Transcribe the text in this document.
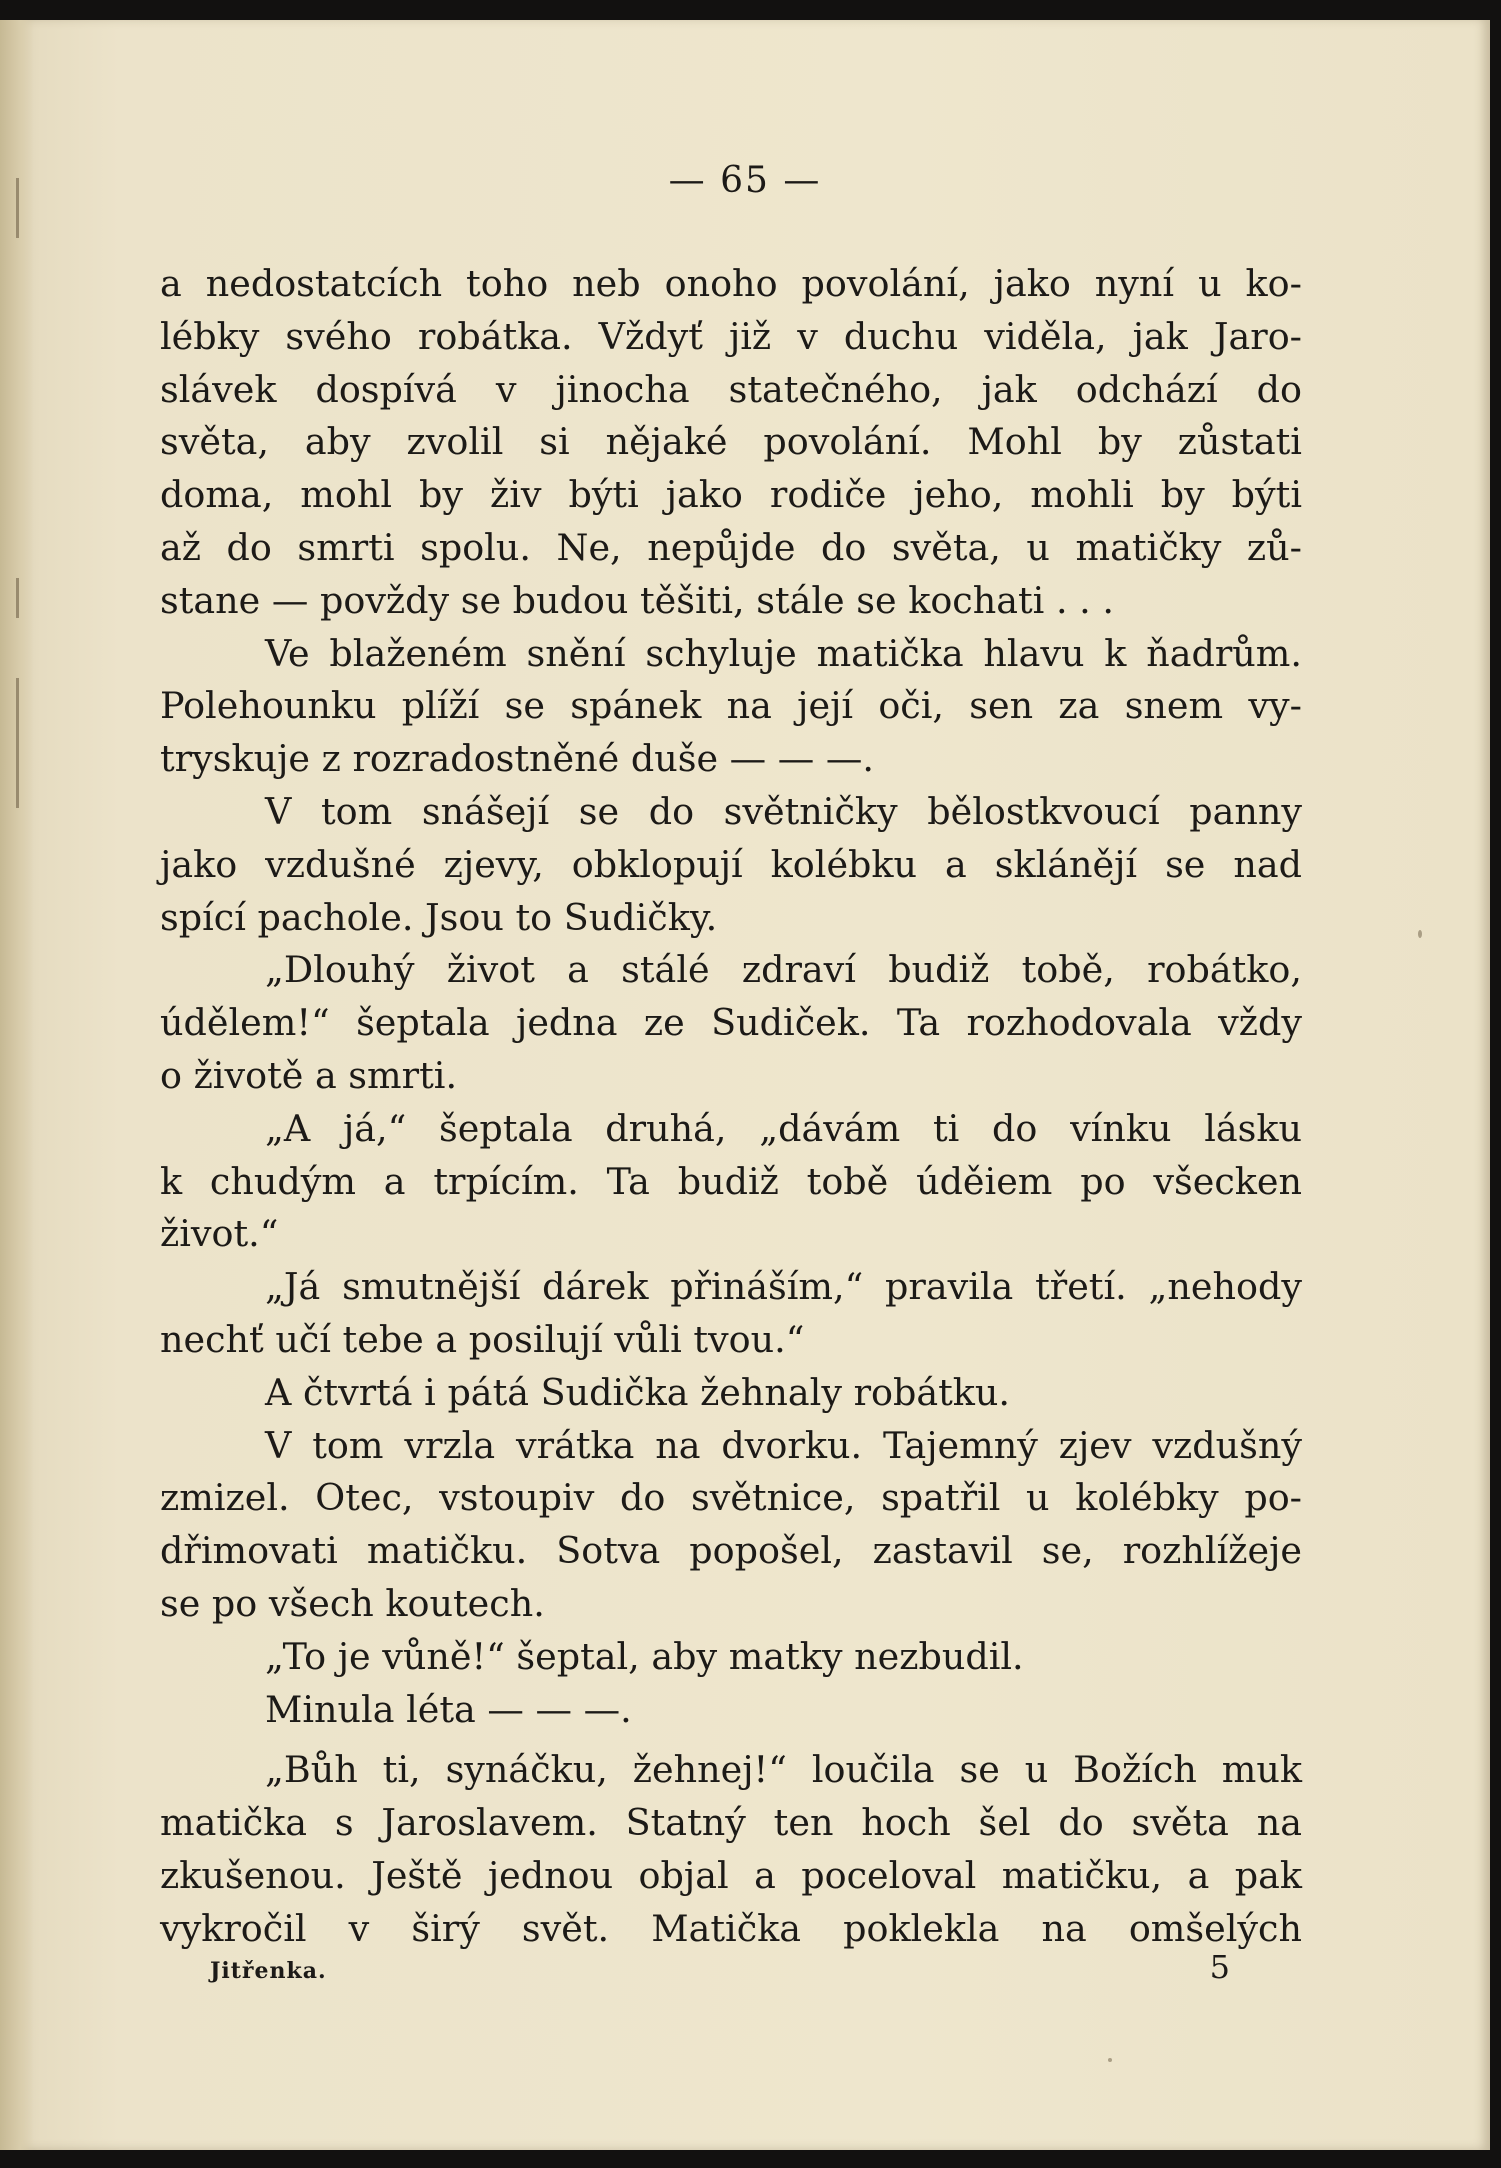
— 65 —
a nedostatcích toho neb onoho povolání, jako nyní u ko-
lébky svého robátka. Vždyť již v duchu viděla, jak Jaro-
slávek dospívá v jinocha statečného, jak odchází do
světa, aby zvolil si nějaké povolání. Mohl by zůstati
doma, mohl by živ býti jako rodiče jeho, mohli by býti
až do smrti spolu. Ne, nepůjde do světa, u matičky zů-
stane — povždy se budou těšiti, stále se kochati . . .
Ve blaženém snění schyluje matička hlavu k ňadrům.
Polehounku plíží se spánek na její oči, sen za snem vy-
tryskuje z rozradostněné duše — — —.
V tom snášejí se do světničky bělostkvoucí panny
jako vzdušné zjevy, obklopují kolébku a sklánějí se nad
spící pachole. Jsou to Sudičky.
„Dlouhý život a stálé zdraví budiž tobě, robátko,
údělem!“ šeptala jedna ze Sudiček. Ta rozhodovala vždy
o životě a smrti.
„A já,“ šeptala druhá, „dávám ti do vínku lásku
k chudým a trpícím. Ta budiž tobě úděiem po všecken
život.“
„Já smutnější dárek přináším,“ pravila třetí. „nehody
nechť učí tebe a posilují vůli tvou.“
A čtvrtá i pátá Sudička žehnaly robátku.
V tom vrzla vrátka na dvorku. Tajemný zjev vzdušný
zmizel. Otec, vstoupiv do světnice, spatřil u kolébky po-
dřimovati matičku. Sotva popošel, zastavil se, rozhlížeje
se po všech koutech.
„To je vůně!“ šeptal, aby matky nezbudil.
Minula léta — — —.
„Bůh ti, synáčku, žehnej!“ loučila se u Božích muk
matička s Jaroslavem. Statný ten hoch šel do světa na
zkušenou. Ještě jednou objal a poceloval matičku, a pak
vykročil v širý svět. Matička poklekla na omšelých
Jitřenka.	5
